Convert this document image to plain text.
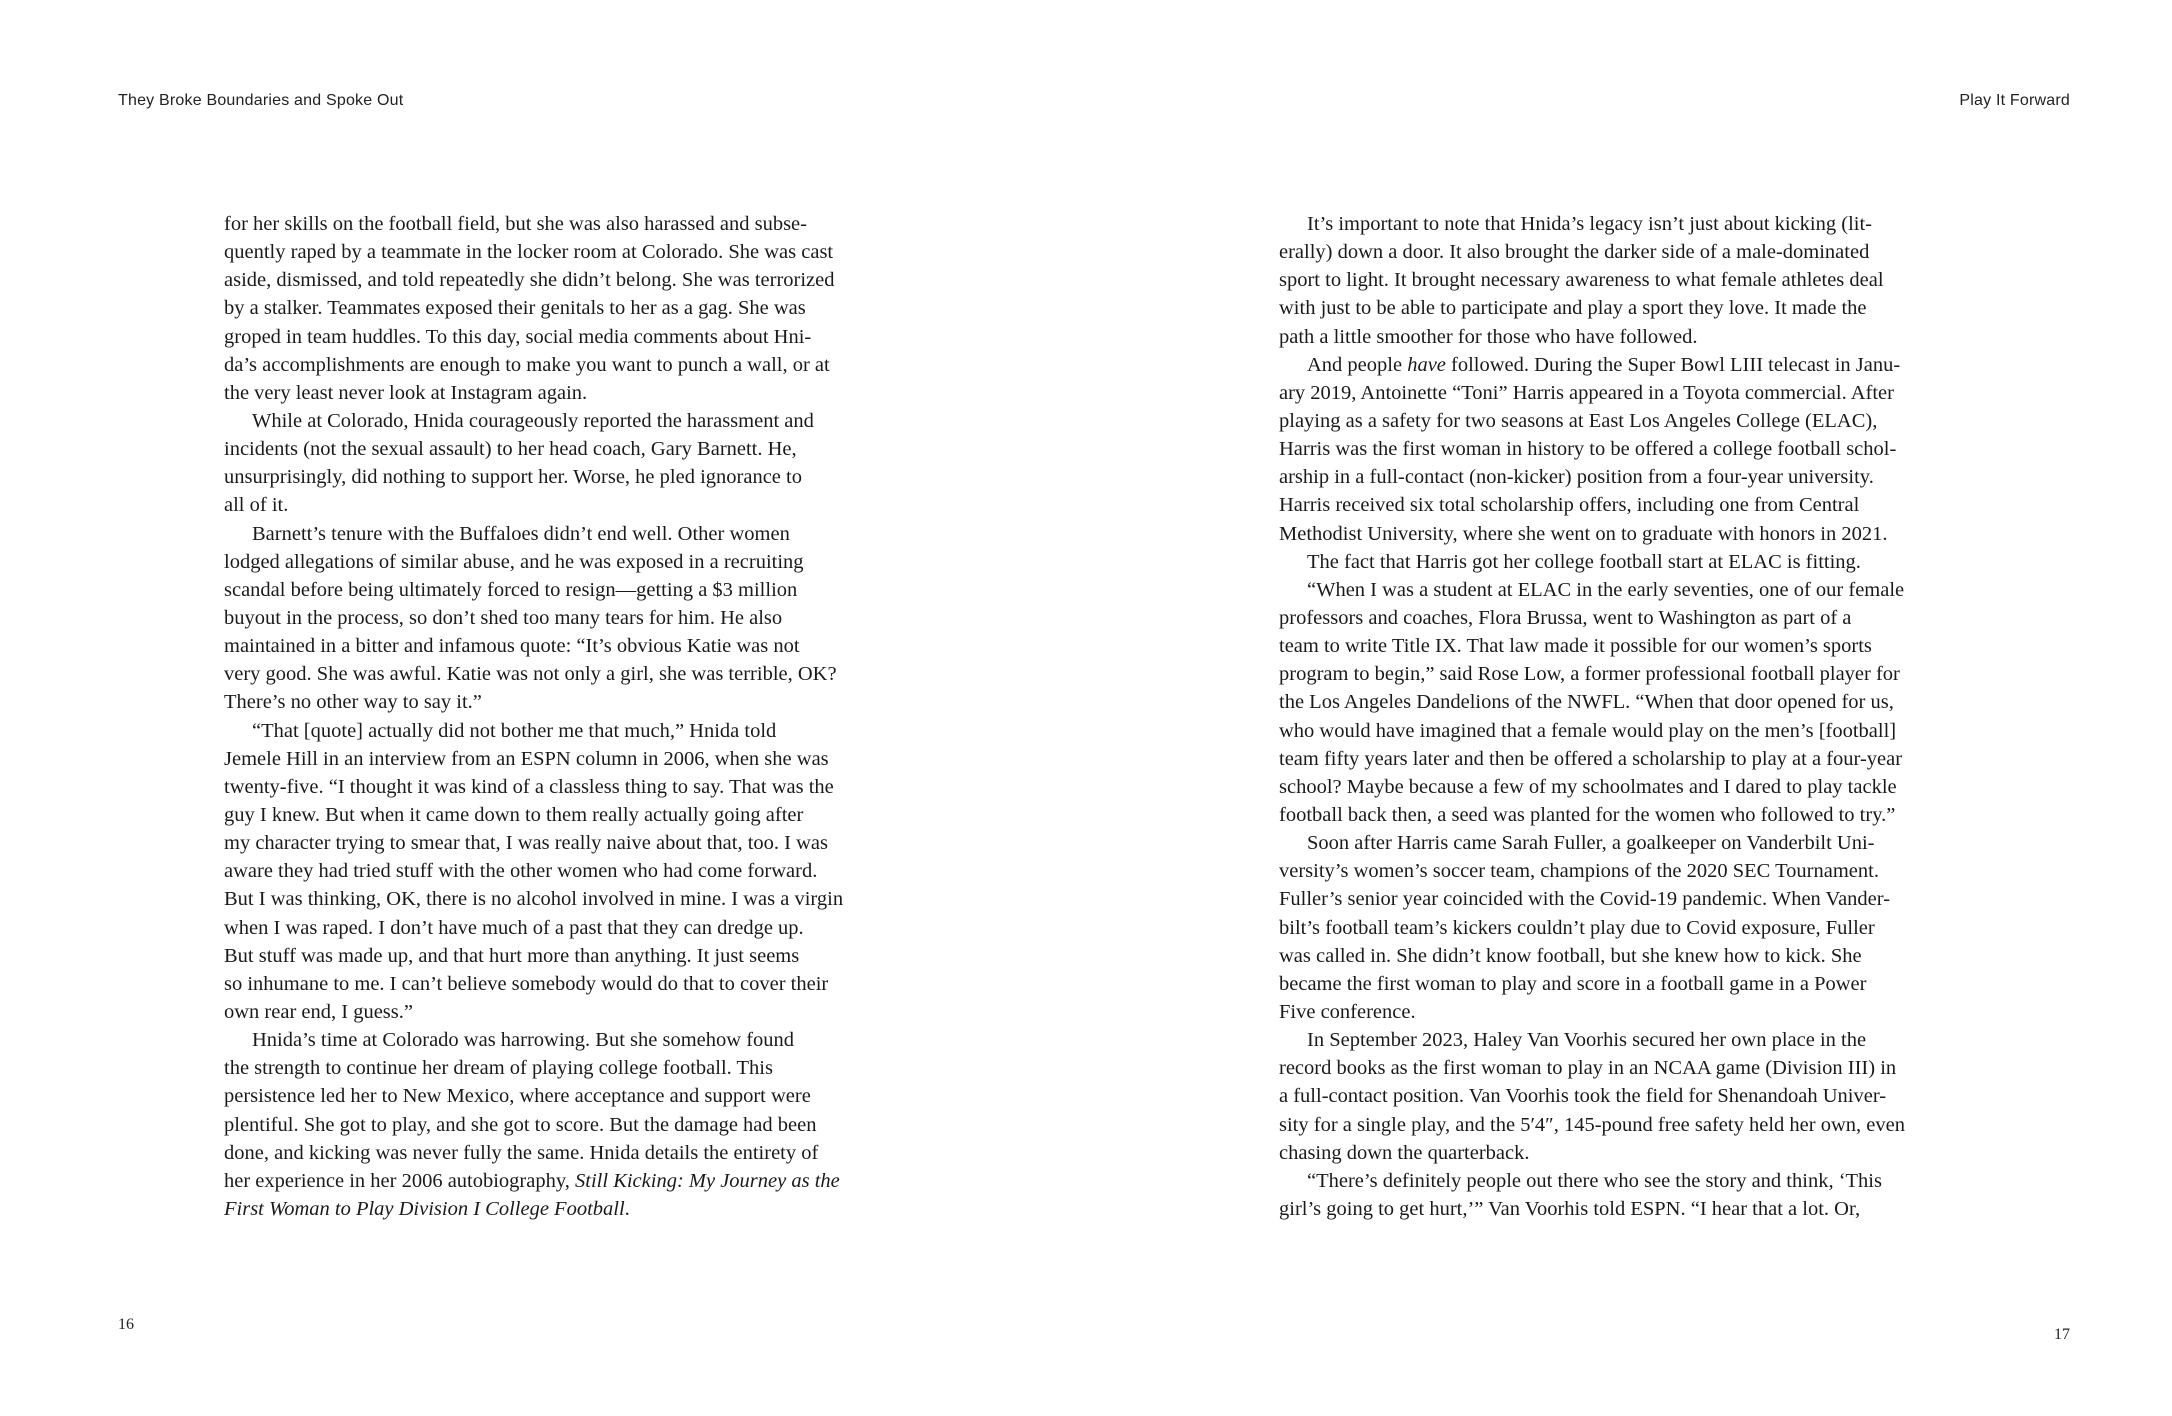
They Broke Boundaries and Spoke Out
for her skills on the football field, but she was also harassed and subse-
quently raped by a teammate in the locker room at Colorado. She was cast
aside, dismissed, and told repeatedly she didn’t belong. She was terrorized
by a stalker. Teammates exposed their genitals to her as a gag. She was
groped in team huddles. To this day, social media comments about Hni-
da’s accomplishments are enough to make you want to punch a wall, or at
the very least never look at Instagram again.
While at Colorado, Hnida courageously reported the harassment and
incidents (not the sexual assault) to her head coach, Gary Barnett. He,
unsurprisingly, did nothing to support her. Worse, he pled ignorance to
all of it.
Barnett’s tenure with the Buffaloes didn’t end well. Other women
lodged allegations of similar abuse, and he was exposed in a recruiting
scandal before being ultimately forced to resign—getting a $3 million
buyout in the process, so don’t shed too many tears for him. He also
maintained in a bitter and infamous quote: “It’s obvious Katie was not
very good. She was awful. Katie was not only a girl, she was terrible, OK?
There’s no other way to say it.”
“That [quote] actually did not bother me that much,” Hnida told
Jemele Hill in an interview from an ESPN column in 2006, when she was
twenty-five. “I thought it was kind of a classless thing to say. That was the
guy I knew. But when it came down to them really actually going after
my character trying to smear that, I was really naive about that, too. I was
aware they had tried stuff with the other women who had come forward.
But I was thinking, OK, there is no alcohol involved in mine. I was a virgin
when I was raped. I don’t have much of a past that they can dredge up.
But stuff was made up, and that hurt more than anything. It just seems
so inhumane to me. I can’t believe somebody would do that to cover their
own rear end, I guess.”
Hnida’s time at Colorado was harrowing. But she somehow found
the strength to continue her dream of playing college football. This
persistence led her to New Mexico, where acceptance and support were
plentiful. She got to play, and she got to score. But the damage had been
done, and kicking was never fully the same. Hnida details the entirety of
her experience in her 2006 autobiography, Still Kicking: My Journey as the
First Woman to Play Division I College Football.
16
Play It Forward
It’s important to note that Hnida’s legacy isn’t just about kicking (lit-
erally) down a door. It also brought the darker side of a male-dominated
sport to light. It brought necessary awareness to what female athletes deal
with just to be able to participate and play a sport they love. It made the
path a little smoother for those who have followed.
And people have followed. During the Super Bowl LIII telecast in Janu-
ary 2019, Antoinette “Toni” Harris appeared in a Toyota commercial. After
playing as a safety for two seasons at East Los Angeles College (ELAC),
Harris was the first woman in history to be offered a college football schol-
arship in a full-contact (non-kicker) position from a four-year university.
Harris received six total scholarship offers, including one from Central
Methodist University, where she went on to graduate with honors in 2021.
The fact that Harris got her college football start at ELAC is fitting.
“When I was a student at ELAC in the early seventies, one of our female
professors and coaches, Flora Brussa, went to Washington as part of a
team to write Title IX. That law made it possible for our women’s sports
program to begin,” said Rose Low, a former professional football player for
the Los Angeles Dandelions of the NWFL. “When that door opened for us,
who would have imagined that a female would play on the men’s [football]
team fifty years later and then be offered a scholarship to play at a four-year
school? Maybe because a few of my schoolmates and I dared to play tackle
football back then, a seed was planted for the women who followed to try.”
Soon after Harris came Sarah Fuller, a goalkeeper on Vanderbilt Uni-
versity’s women’s soccer team, champions of the 2020 SEC Tournament.
Fuller’s senior year coincided with the Covid-19 pandemic. When Vander-
bilt’s football team’s kickers couldn’t play due to Covid exposure, Fuller
was called in. She didn’t know football, but she knew how to kick. She
became the first woman to play and score in a football game in a Power
Five conference.
In September 2023, Haley Van Voorhis secured her own place in the
record books as the first woman to play in an NCAA game (Division III) in
a full-contact position. Van Voorhis took the field for Shenandoah Univer-
sity for a single play, and the 5′4″, 145-pound free safety held her own, even
chasing down the quarterback.
“There’s definitely people out there who see the story and think, ‘This
girl’s going to get hurt,’” Van Voorhis told ESPN. “I hear that a lot. Or,
17
